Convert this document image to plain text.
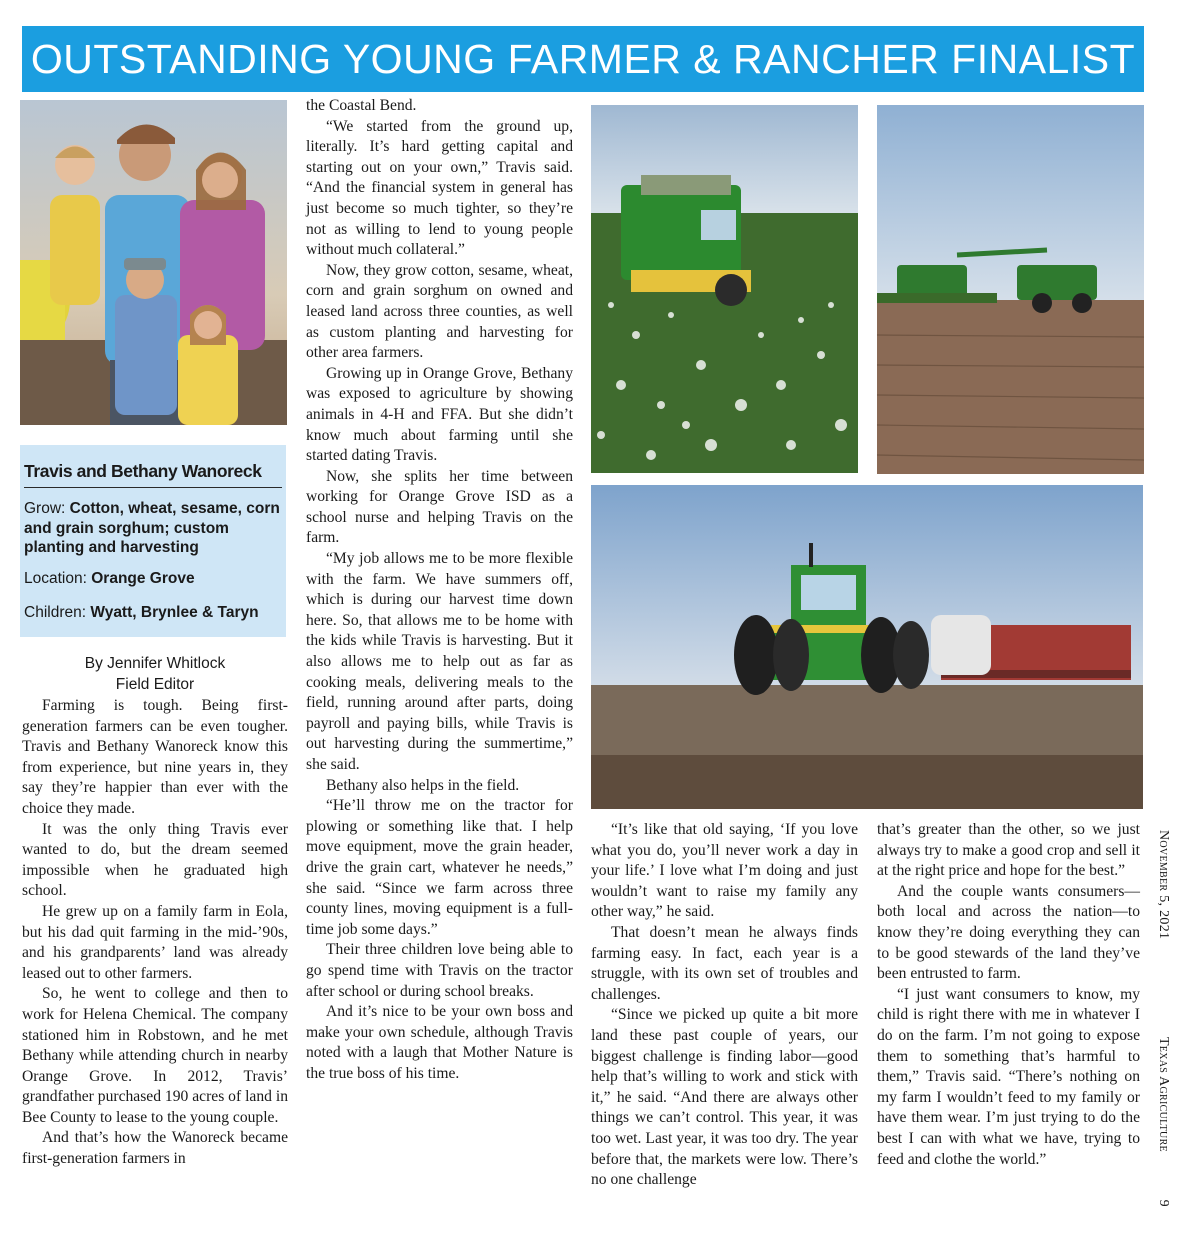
OUTSTANDING YOUNG FARMER & RANCHER FINALIST
Travis and Bethany Wanoreck
Grow: Cotton, wheat, sesame, corn and grain sorghum; custom planting and harvesting
Location: Orange Grove
Children: Wyatt, Brynlee & Taryn
By Jennifer Whitlock
Field Editor

Farming is tough. Being first-generation farmers can be even tougher. Travis and Bethany Wanoreck know this from experience, but nine years in, they say they’re happier than ever with the choice they made.

It was the only thing Travis ever wanted to do, but the dream seemed impossible when he graduated high school.

He grew up on a family farm in Eola, but his dad quit farming in the mid-’90s, and his grandparents’ land was already leased out to other farmers.

So, he went to college and then to work for Helena Chemical. The company stationed him in Robstown, and he met Bethany while attending church in nearby Orange Grove. In 2012, Travis’ grandfather purchased 190 acres of land in Bee County to lease to the young couple.

And that’s how the Wanoreck became first-generation farmers in

the Coastal Bend.

“We started from the ground up, literally. It’s hard getting capital and starting out on your own,” Travis said. “And the financial system in general has just become so much tighter, so they’re not as willing to lend to young people without much collateral.”

Now, they grow cotton, sesame, wheat, corn and grain sorghum on owned and leased land across three counties, as well as custom planting and harvesting for other area farmers.

Growing up in Orange Grove, Bethany was exposed to agriculture by showing animals in 4-H and FFA. But she didn’t know much about farming until she started dating Travis.

Now, she splits her time between working for Orange Grove ISD as a school nurse and helping Travis on the farm.

“My job allows me to be more flexible with the farm. We have summers off, which is during our harvest time down here. So, that allows me to be home with the kids while Travis is harvesting. But it also allows me to help out as far as cooking meals, delivering meals to the field, running around after parts, doing payroll and paying bills, while Travis is out harvesting during the summertime,” she said.

Bethany also helps in the field.

“He’ll throw me on the tractor for plowing or something like that. I help move equipment, move the grain header, drive the grain cart, whatever he needs,” she said. “Since we farm across three county lines, moving equipment is a full-time job some days.”

Their three children love being able to go spend time with Travis on the tractor after school or during school breaks.

And it’s nice to be your own boss and make your own schedule, although Travis noted with a laugh that Mother Nature is the true boss of his time.

“It’s like that old saying, ‘If you love what you do, you’ll never work a day in your life.’ I love what I’m doing and just wouldn’t want to raise my family any other way,” he said.

That doesn’t mean he always finds farming easy. In fact, each year is a struggle, with its own set of troubles and challenges.

“Since we picked up quite a bit more land these past couple of years, our biggest challenge is finding labor—good help that’s willing to work and stick with it,” he said. “And there are always other things we can’t control. This year, it was too wet. Last year, it was too dry. The year before that, the markets were low. There’s no one challenge

that’s greater than the other, so we just always try to make a good crop and sell it at the right price and hope for the best.”

And the couple wants consumers—both local and across the nation—to know they’re doing everything they can to be good stewards of the land they’ve been entrusted to farm.

“I just want consumers to know, my child is right there with me in whatever I do on the farm. I’m not going to expose them to something that’s harmful to them,” Travis said. “There’s nothing on my farm I wouldn’t feed to my family or have them wear. I’m just trying to do the best I can with what we have, trying to feed and clothe the world.”

November 5, 2021  Texas Agriculture  9
